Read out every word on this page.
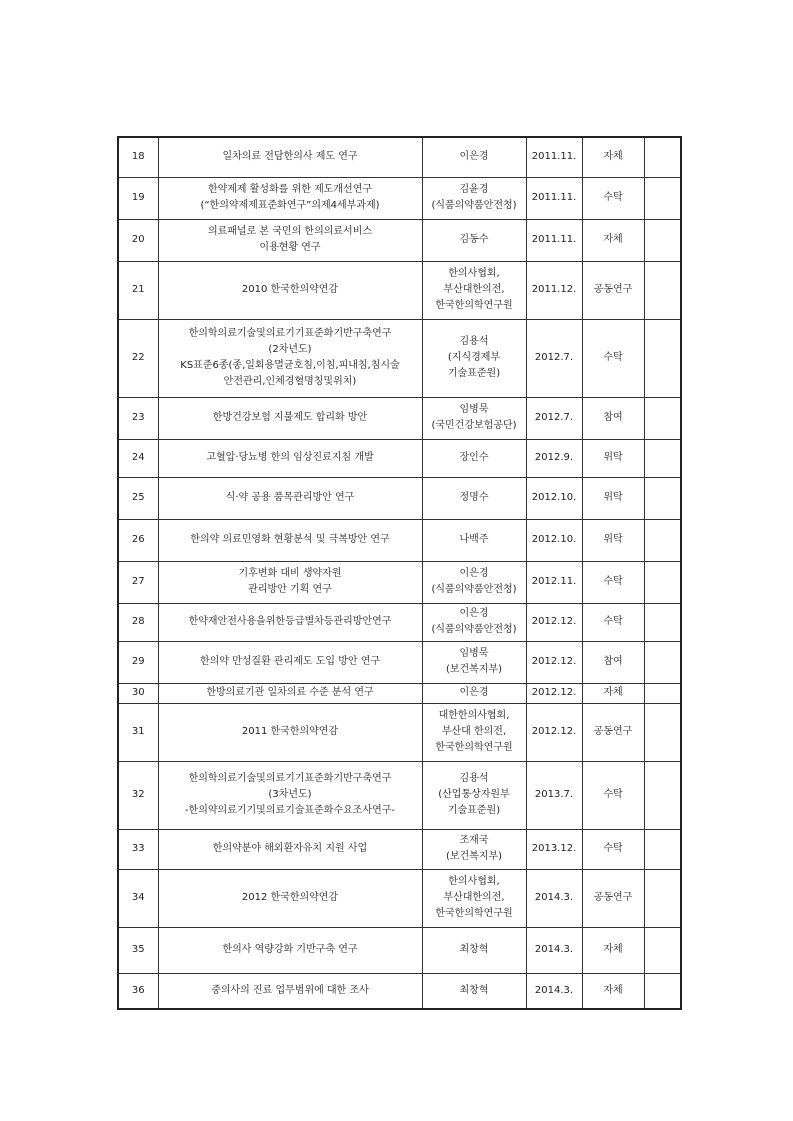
18	일차의료 전담한의사 제도 연구	이은경	2011.11.	자체	
19	한약제제 활성화를 위한 제도개선연구
(“한의약제제표준화연구”의제4세부과제)	김윤경
(식품의약품안전청)	2011.11.	수탁	
20	의료패널로 본 국민의 한의의료서비스
이용현황 연구	김동수	2011.11.	자체	
21	2010 한국한의약연감	한의사협회,
부산대한의전,
한국한의학연구원	2011.12.	공동연구	
22	한의학의료기술및의료기기표준화기반구축연구
(2차년도)
KS표준6종(종,일회용멸균호침,이침,피내침,침시술
안전관리,인체경혈명칭및위치)	김용석
(지식경제부
기술표준원)	2012.7.	수탁	
23	한방건강보험 지불제도 합리화 방안	임병묵
(국민건강보험공단)	2012.7.	참여	
24	고혈압·당뇨병 한의 임상진료지침 개발	장인수	2012.9.	위탁	
25	식·약 공용 품목관리방안 연구	정명수	2012.10.	위탁	
26	한의약 의료민영화 현황분석 및 극복방안 연구	나백주	2012.10.	위탁	
27	기후변화 대비 생약자원
관리방안 기획 연구	이은경
(식품의약품안전청)	2012.11.	수탁	
28	한약재안전사용을위한등급별차등관리방안연구	이은경
(식품의약품안전청)	2012.12.	수탁	
29	한의약 만성질환 관리제도 도입 방안 연구	임병묵
(보건복지부)	2012.12.	참여	
30	한방의료기관 일차의료 수준 분석 연구	이은경	2012.12.	자체	
31	2011 한국한의약연감	대한한의사협회,
부산대 한의전,
한국한의학연구원	2012.12.	공동연구	
32	한의학의료기술및의료기기표준화기반구축연구
(3차년도)
-한의약의료기기및의료기술표준화수요조사연구-	김용석
(산업통상자원부
기술표준원)	2013.7.	수탁	
33	한의약분야 해외환자유치 지원 사업	조재국
(보건복지부)	2013.12.	수탁	
34	2012 한국한의약연감	한의사협회,
부산대한의전,
한국한의학연구원	2014.3.	공동연구	
35	한의사 역량강화 기반구축 연구	최창혁	2014.3.	자체	
36	중의사의 진료 업무범위에 대한 조사	최창혁	2014.3.	자체	
